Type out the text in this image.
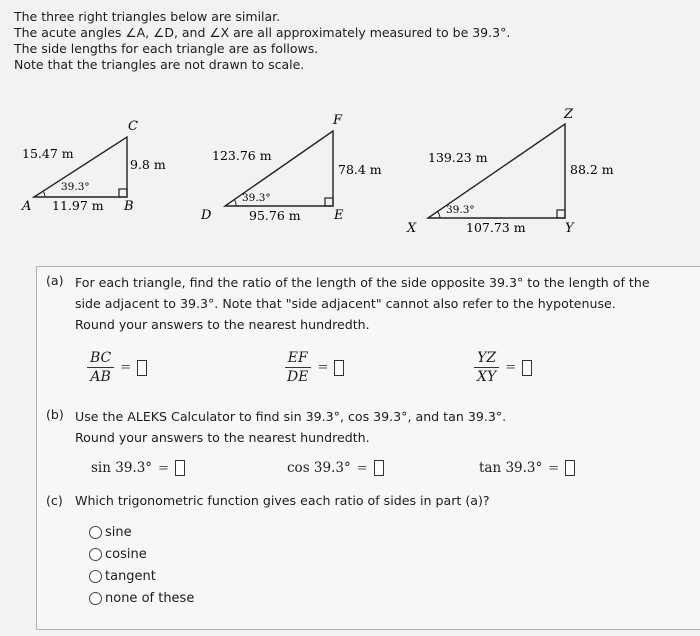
The three right triangles below are similar.
The acute angles ∠A, ∠D, and ∠X are all approximately measured to be 39.3°.
The side lengths for each triangle are as follows.
Note that the triangles are not drawn to scale.
C
A	B
15.47 m
9.8 m
11.97 m
39.3°
F
D	E
123.76 m
78.4 m
95.76 m
39.3°
Z
X	Y
139.23 m
88.2 m
107.73 m
39.3°
(a) For each triangle, find the ratio of the length of the side opposite 39.3° to the length of the
side adjacent to 39.3°. Note that "side adjacent" cannot also refer to the hypotenuse.
Round your answers to the nearest hundredth.
$\frac{BC}{AB}$ =	$\frac{EF}{DE}$ =	$\frac{YZ}{XY}$ =
(b) Use the ALEKS Calculator to find sin 39.3°, cos 39.3°, and tan 39.3°.
Round your answers to the nearest hundredth.
sin 39.3° =	cos 39.3° =	tan 39.3° =
(c) Which trigonometric function gives each ratio of sides in part (a)?
sine
cosine
tangent
none of these
